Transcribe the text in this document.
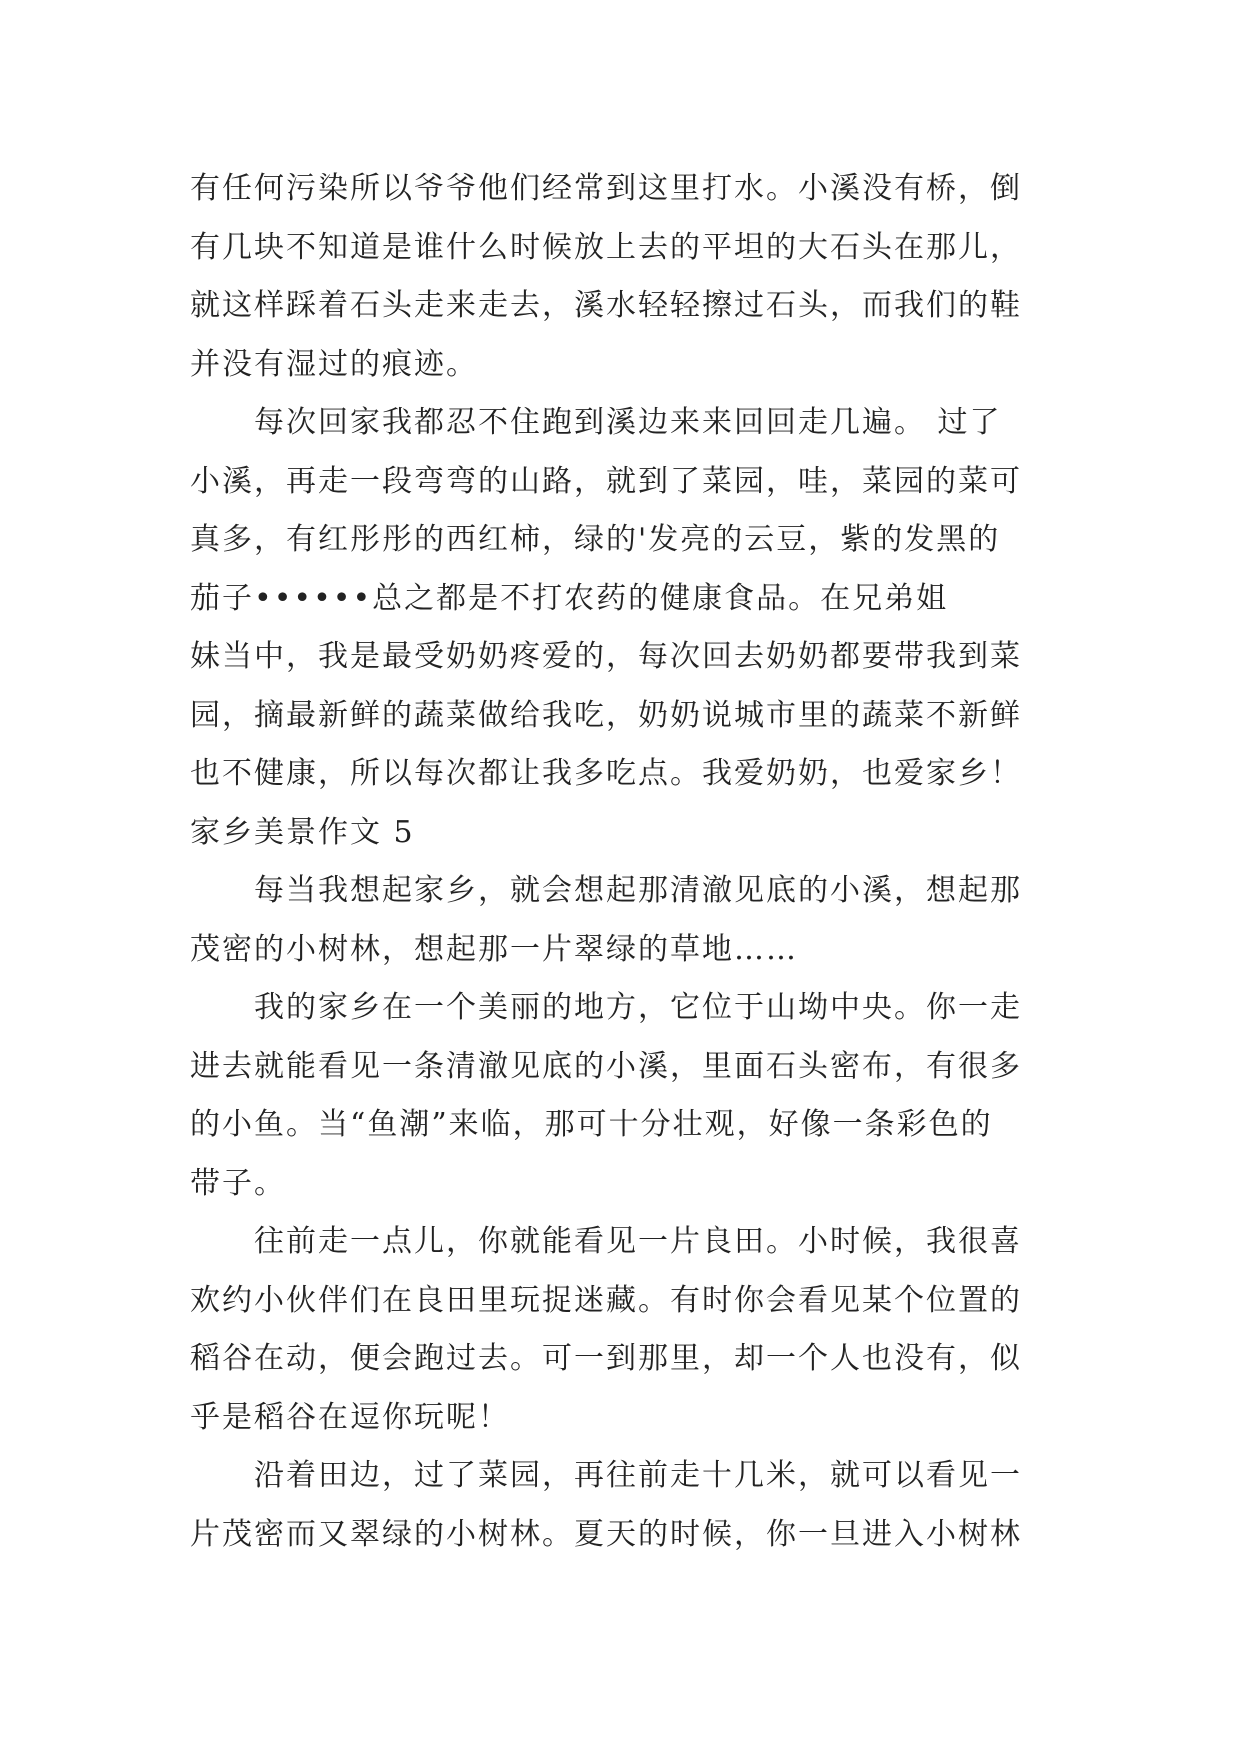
有任何污染所以爷爷他们经常到这里打水。小溪没有桥，倒
有几块不知道是谁什么时候放上去的平坦的大石头在那儿，
就这样踩着石头走来走去，溪水轻轻擦过石头，而我们的鞋
并没有湿过的痕迹。
每次回家我都忍不住跑到溪边来来回回走几遍。 过了
小溪，再走一段弯弯的山路，就到了菜园，哇，菜园的菜可
真多，有红彤彤的西红柿，绿的'发亮的云豆，紫的发黑的
茄子••••••总之都是不打农药的健康食品。在兄弟姐
妹当中，我是最受奶奶疼爱的，每次回去奶奶都要带我到菜
园，摘最新鲜的蔬菜做给我吃，奶奶说城市里的蔬菜不新鲜
也不健康，所以每次都让我多吃点。我爱奶奶，也爱家乡！
家乡美景作文 5
每当我想起家乡，就会想起那清澈见底的小溪，想起那
茂密的小树林，想起那一片翠绿的草地……
我的家乡在一个美丽的地方，它位于山坳中央。你一走
进去就能看见一条清澈见底的小溪，里面石头密布，有很多
的小鱼。当“鱼潮”来临，那可十分壮观，好像一条彩色的
带子。
往前走一点儿，你就能看见一片良田。小时候，我很喜
欢约小伙伴们在良田里玩捉迷藏。有时你会看见某个位置的
稻谷在动，便会跑过去。可一到那里，却一个人也没有，似
乎是稻谷在逗你玩呢！
沿着田边，过了菜园，再往前走十几米，就可以看见一
片茂密而又翠绿的小树林。夏天的时候，你一旦进入小树林
